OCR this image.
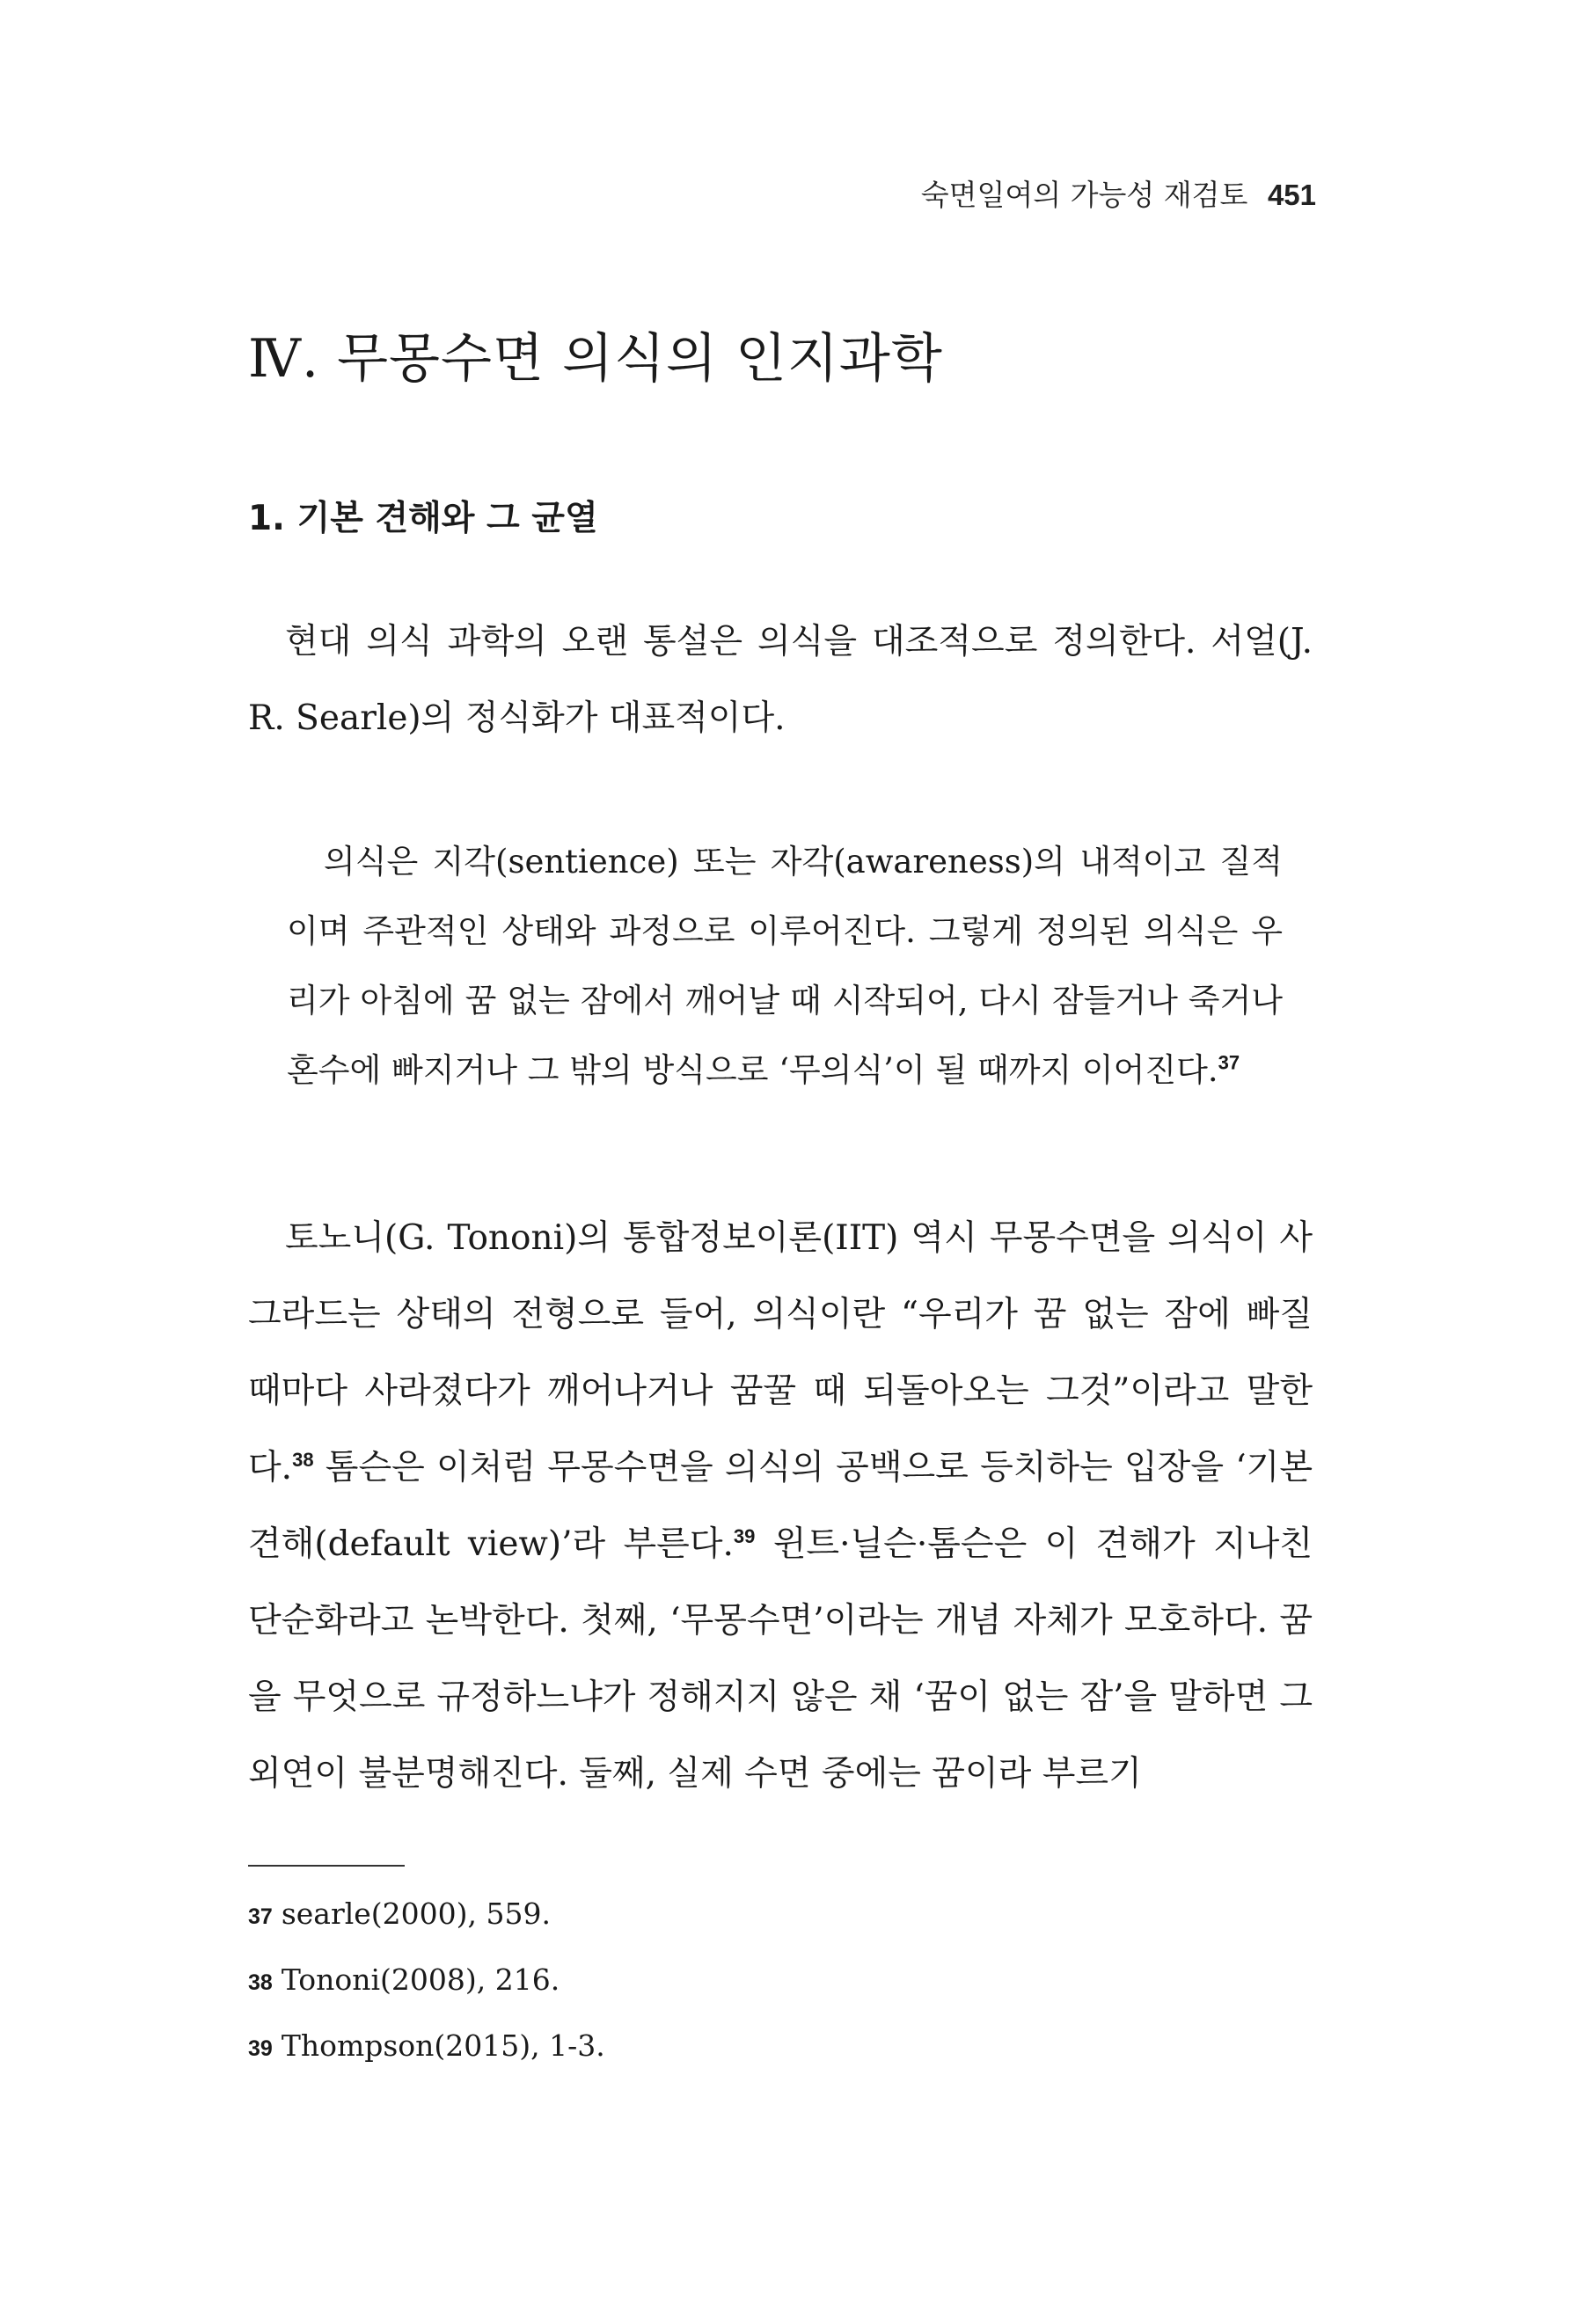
숙면일여의 가능성 재검토 451
Ⅳ. 무몽수면 의식의 인지과학
1. 기본 견해와 그 균열

현대 의식 과학의 오랜 통설은 의식을 대조적으로 정의한다. 서얼(J. R. Searle)의 정식화가 대표적이다.

의식은 지각(sentience) 또는 자각(awareness)의 내적이고 질적이며 주관적인 상태와 과정으로 이루어진다. 그렇게 정의된 의식은 우리가 아침에 꿈 없는 잠에서 깨어날 때 시작되어, 다시 잠들거나 죽거나 혼수에 빠지거나 그 밖의 방식으로 ‘무의식’이 될 때까지 이어진다.$^{37}$

토노니(G. Tononi)의 통합정보이론(IIT) 역시 무몽수면을 의식이 사그라드는 상태의 전형으로 들어, 의식이란 “우리가 꿈 없는 잠에 빠질 때마다 사라졌다가 깨어나거나 꿈꿀 때 되돌아오는 그것”이라고 말한다.$^{38}$ 톰슨은 이처럼 무몽수면을 의식의 공백으로 등치하는 입장을 ‘기본 견해(default view)’라 부른다.$^{39}$ 윈트·닐슨·톰슨은 이 견해가 지나친 단순화라고 논박한다. 첫째, ‘무몽수면’이라는 개념 자체가 모호하다. 꿈을 무엇으로 규정하느냐가 정해지지 않은 채 ‘꿈이 없는 잠’을 말하면 그 외연이 불분명해진다. 둘째, 실제 수면 중에는 꿈이라 부르기

37 searle(2000), 559.
38 Tononi(2008), 216.
39 Thompson(2015), 1-3.
